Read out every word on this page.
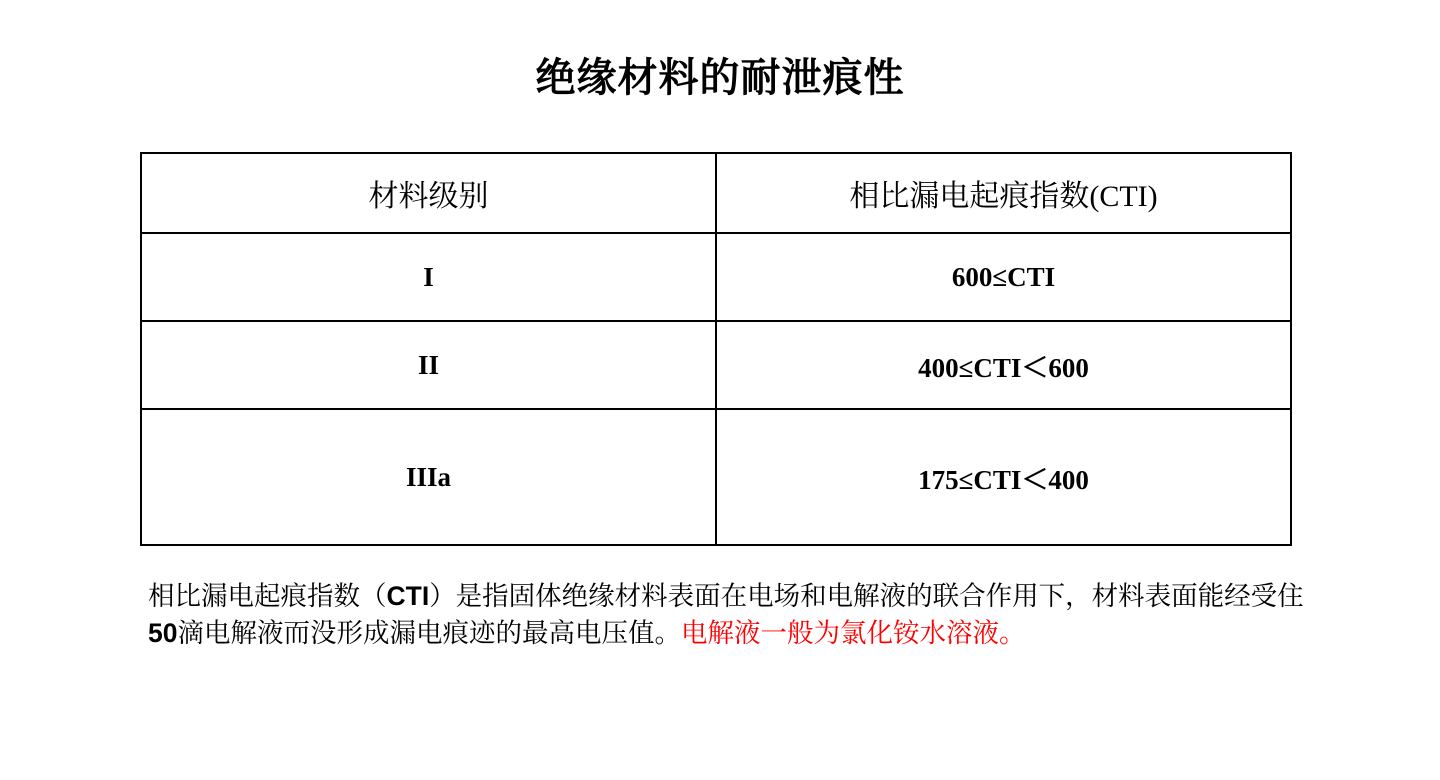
绝缘材料的耐泄痕性
材料级别	相比漏电起痕指数(CTI)
I	600≤CTI
II	400≤CTI＜600
IIIa	175≤CTI＜400
相比漏电起痕指数（CTI）是指固体绝缘材料表面在电场和电解液的联合作用下，材料表面能经受住50滴电解液而没形成漏电痕迹的最高电压值。电解液一般为氯化铵水溶液。
